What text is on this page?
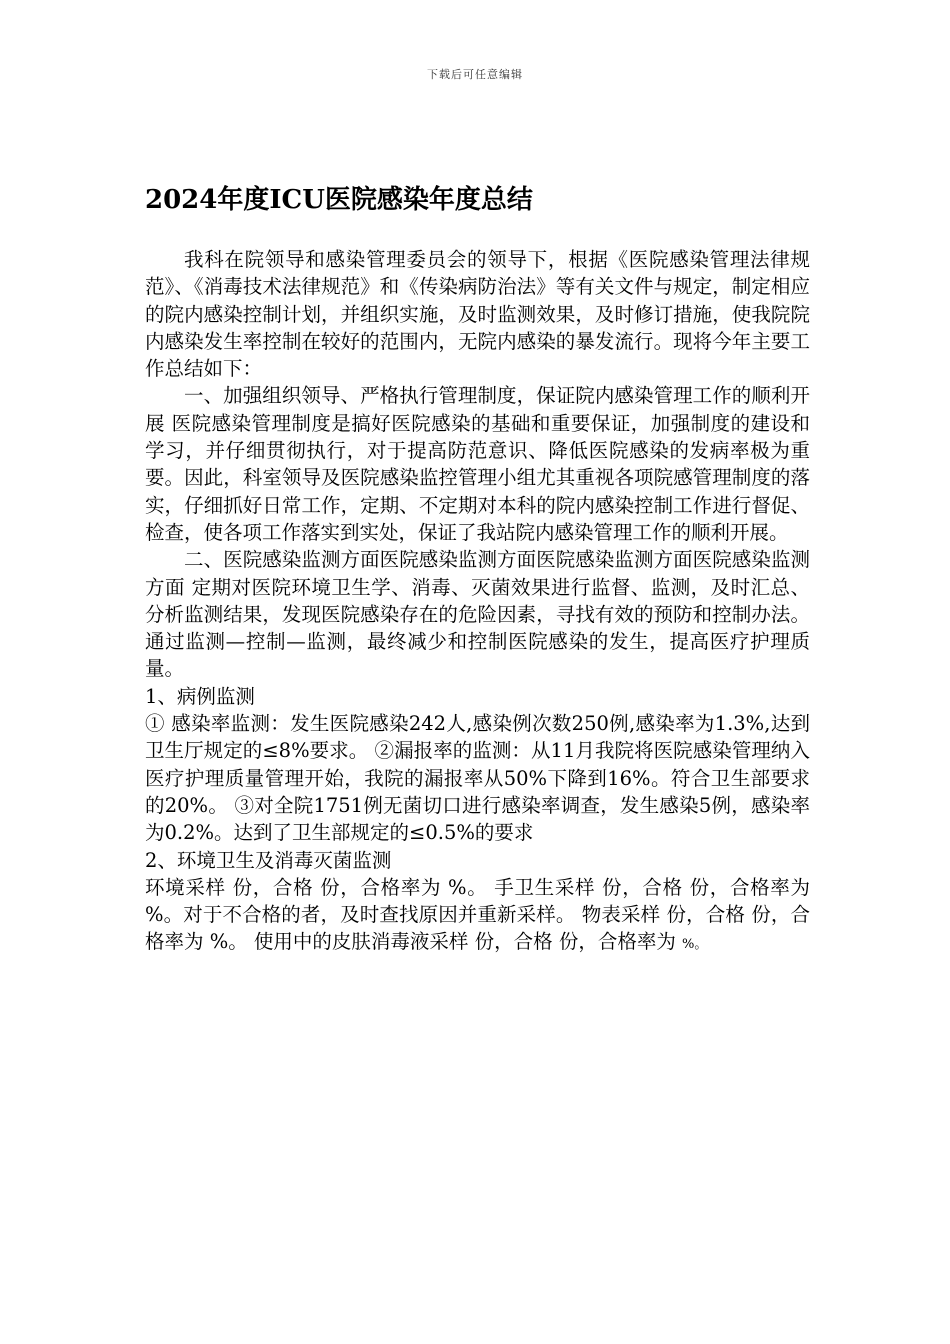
下载后可任意编辑
2024年度ICU医院感染年度总结

我科在院领导和感染管理委员会的领导下，根据《医院感染管理法律规范》、《消毒技术法律规范》和《传染病防治法》等有关文件与规定，制定相应的院内感染控制计划，并组织实施，及时监测效果，及时修订措施，使我院院内感染发生率控制在较好的范围内，无院内感染的暴发流行。现将今年主要工作总结如下：

一、加强组织领导、严格执行管理制度，保证院内感染管理工作的顺利开展 医院感染管理制度是搞好医院感染的基础和重要保证，加强制度的建设和学习，并仔细贯彻执行，对于提高防范意识、降低医院感染的发病率极为重要。因此，科室领导及医院感染监控管理小组尤其重视各项院感管理制度的落实，仔细抓好日常工作，定期、不定期对本科的院内感染控制工作进行督促、检查，使各项工作落实到实处，保证了我站院内感染管理工作的顺利开展。

二、医院感染监测方面医院感染监测方面医院感染监测方面医院感染监测方面 定期对医院环境卫生学、消毒、灭菌效果进行监督、监测，及时汇总、分析监测结果，发现医院感染存在的危险因素，寻找有效的预防和控制办法。通过监测—控制—监测，最终减少和控制医院感染的发生，提高医疗护理质量。

1、病例监测

① 感染率监测：发生医院感染242人,感染例次数250例,感染率为1.3%,达到卫生厅规定的≤8%要求。 ②漏报率的监测：从11月我院将医院感染管理纳入医疗护理质量管理开始，我院的漏报率从50%下降到16%。符合卫生部要求的20%。 ③对全院1751例无菌切口进行感染率调查，发生感染5例，感染率为0.2%。达到了卫生部规定的≤0.5%的要求

2、环境卫生及消毒灭菌监测

环境采样 份，合格 份，合格率为 %。 手卫生采样 份，合格 份，合格率为 %。对于不合格的者，及时查找原因并重新采样。 物表采样 份，合格 份，合格率为 %。 使用中的皮肤消毒液采样 份，合格 份，合格率为 %。
